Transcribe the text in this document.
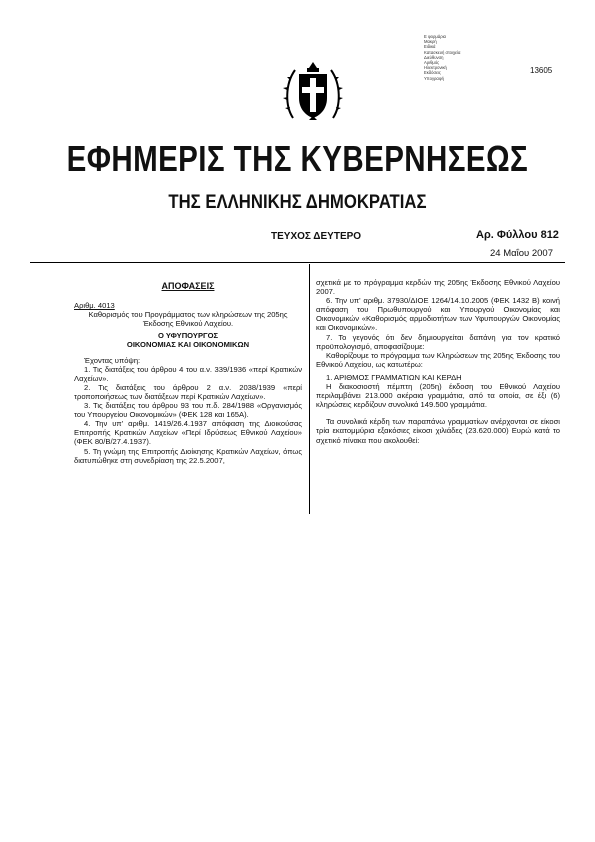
Ε φορμάρια
Μακρή
Ειδικά
Κατασκευή στοιχεία
Διεύθυνση
Αριθμός
Ηλεκτρονική
Εκδόσεις
Υπογραφή
13605
ΕΦΗΜΕΡΙΣ ΤΗΣ ΚΥΒΕΡΝΗΣΕΩΣ
ΤΗΣ ΕΛΛΗΝΙΚΗΣ ΔΗΜΟΚΡΑΤΙΑΣ
ΤΕΥΧΟΣ ΔΕΥΤΕΡΟ	Αρ. Φύλλου 812
24 Μαΐου 2007

ΑΠΟΦΑΣΕΙΣ

Αριθμ. 4013

Καθορισμός του Προγράμματος των κληρώσεων της 205ης Έκδοσης Εθνικού Λαχείου.

Ο ΥΦΥΠΟΥΡΓΟΣ

ΟΙΚΟΝΟΜΙΑΣ ΚΑΙ ΟΙΚΟΝΟΜΙΚΩΝ

Έχοντας υπόψη:

1. Τις διατάξεις του άρθρου 4 του α.ν. 339/1936 «περί Κρατικών Λαχείων».

2. Τις διατάξεις του άρθρου 2 α.ν. 2038/1939 «περί τροποποιήσεως των διατάξεων περί Κρατικών Λαχείων».

3. Τις διατάξεις του άρθρου 93 του π.δ. 284/1988 «Οργανισμός του Υπουργείου Οικονομικών» (ΦΕΚ 128 και 165Α).

4. Την υπ' αριθμ. 1419/26.4.1937 απόφαση της Διοικούσας Επιτροπής Κρατικών Λαχείων «Περί Ιδρύσεως Εθνικού Λαχείου» (ΦΕΚ 80/Β/27.4.1937).

5. Τη γνώμη της Επιτροπής Διοίκησης Κρατικών Λαχείων, όπως διατυπώθηκε στη συνεδρίαση της 22.5.2007,

σχετικά με το πρόγραμμα κερδών της 205ης Έκδοσης Εθνικού Λαχείου 2007.

6. Την υπ' αριθμ. 37930/ΔΙΟΕ 1264/14.10.2005 (ΦΕΚ 1432 Β) κοινή απόφαση του Πρωθυπουργού και Υπουργού Οικονομίας και Οικονομικών «Καθορισμός αρμοδιοτήτων των Υφυπουργών Οικονομίας και Οικονομικών».

7. Το γεγονός ότι δεν δημιουργείται δαπάνη για τον κρατικό προϋπολογισμό, αποφασίζουμε:

Καθορίζουμε το πρόγραμμα των Κληρώσεων της 205ης Έκδοσης του Εθνικού Λαχείου, ως κατωτέρω:

1. ΑΡΙΘΜΟΣ ΓΡΑΜΜΑΤΙΩΝ ΚΑΙ ΚΕΡΔΗ

Η διακοσιοστή πέμπτη (205η) έκδοση του Εθνικού Λαχείου περιλαμβάνει 213.000 ακέραια γραμμάτια, από τα οποία, σε έξι (6) κληρώσεις κερδίζουν συνολικά 149.500 γραμμάτια.

Τα συνολικά κέρδη των παραπάνω γραμματίων ανέρχονται σε είκοσι τρία εκατομμύρια εξακόσιες είκοσι χιλιάδες (23.620.000) Ευρώ κατά το σχετικό πίνακα που ακολουθεί:
